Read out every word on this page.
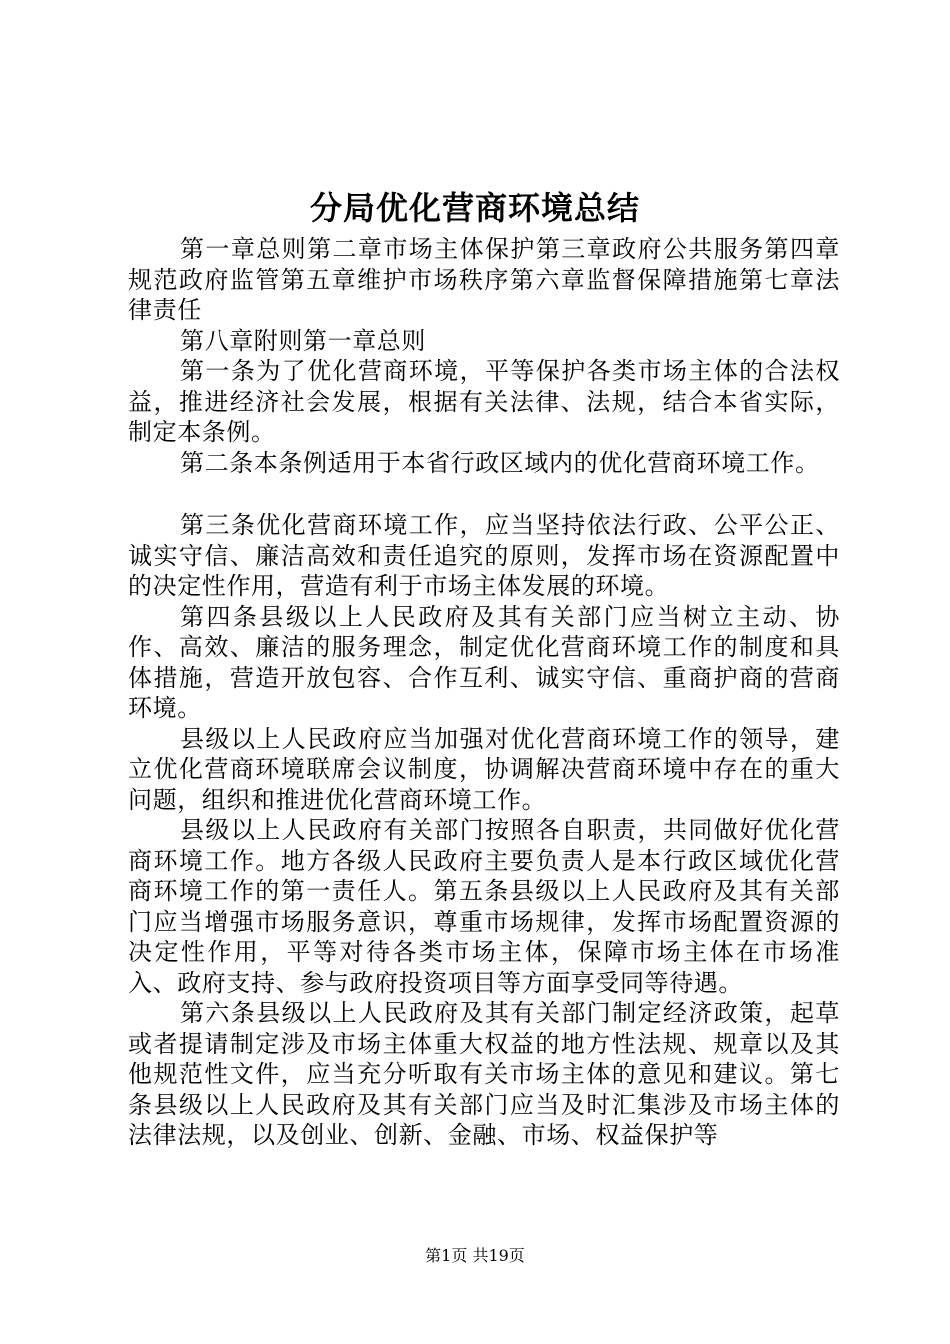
分局优化营商环境总结

第一章总则第二章市场主体保护第三章政府公共服务第四章规范政府监管第五章维护市场秩序第六章监督保障措施第七章法律责任

第八章附则第一章总则

第一条为了优化营商环境，平等保护各类市场主体的合法权益，推进经济社会发展，根据有关法律、法规，结合本省实际，制定本条例。

第二条本条例适用于本省行政区域内的优化营商环境工作。

第三条优化营商环境工作，应当坚持依法行政、公平公正、诚实守信、廉洁高效和责任追究的原则，发挥市场在资源配置中的决定性作用，营造有利于市场主体发展的环境。

第四条县级以上人民政府及其有关部门应当树立主动、协作、高效、廉洁的服务理念，制定优化营商环境工作的制度和具体措施，营造开放包容、合作互利、诚实守信、重商护商的营商环境。

县级以上人民政府应当加强对优化营商环境工作的领导，建立优化营商环境联席会议制度，协调解决营商环境中存在的重大问题，组织和推进优化营商环境工作。

县级以上人民政府有关部门按照各自职责，共同做好优化营商环境工作。地方各级人民政府主要负责人是本行政区域优化营商环境工作的第一责任人。第五条县级以上人民政府及其有关部门应当增强市场服务意识，尊重市场规律，发挥市场配置资源的决定性作用，平等对待各类市场主体，保障市场主体在市场准入、政府支持、参与政府投资项目等方面享受同等待遇。

第六条县级以上人民政府及其有关部门制定经济政策，起草或者提请制定涉及市场主体重大权益的地方性法规、规章以及其他规范性文件，应当充分听取有关市场主体的意见和建议。第七条县级以上人民政府及其有关部门应当及时汇集涉及市场主体的法律法规，以及创业、创新、金融、市场、权益保护等

第1页 共19页
